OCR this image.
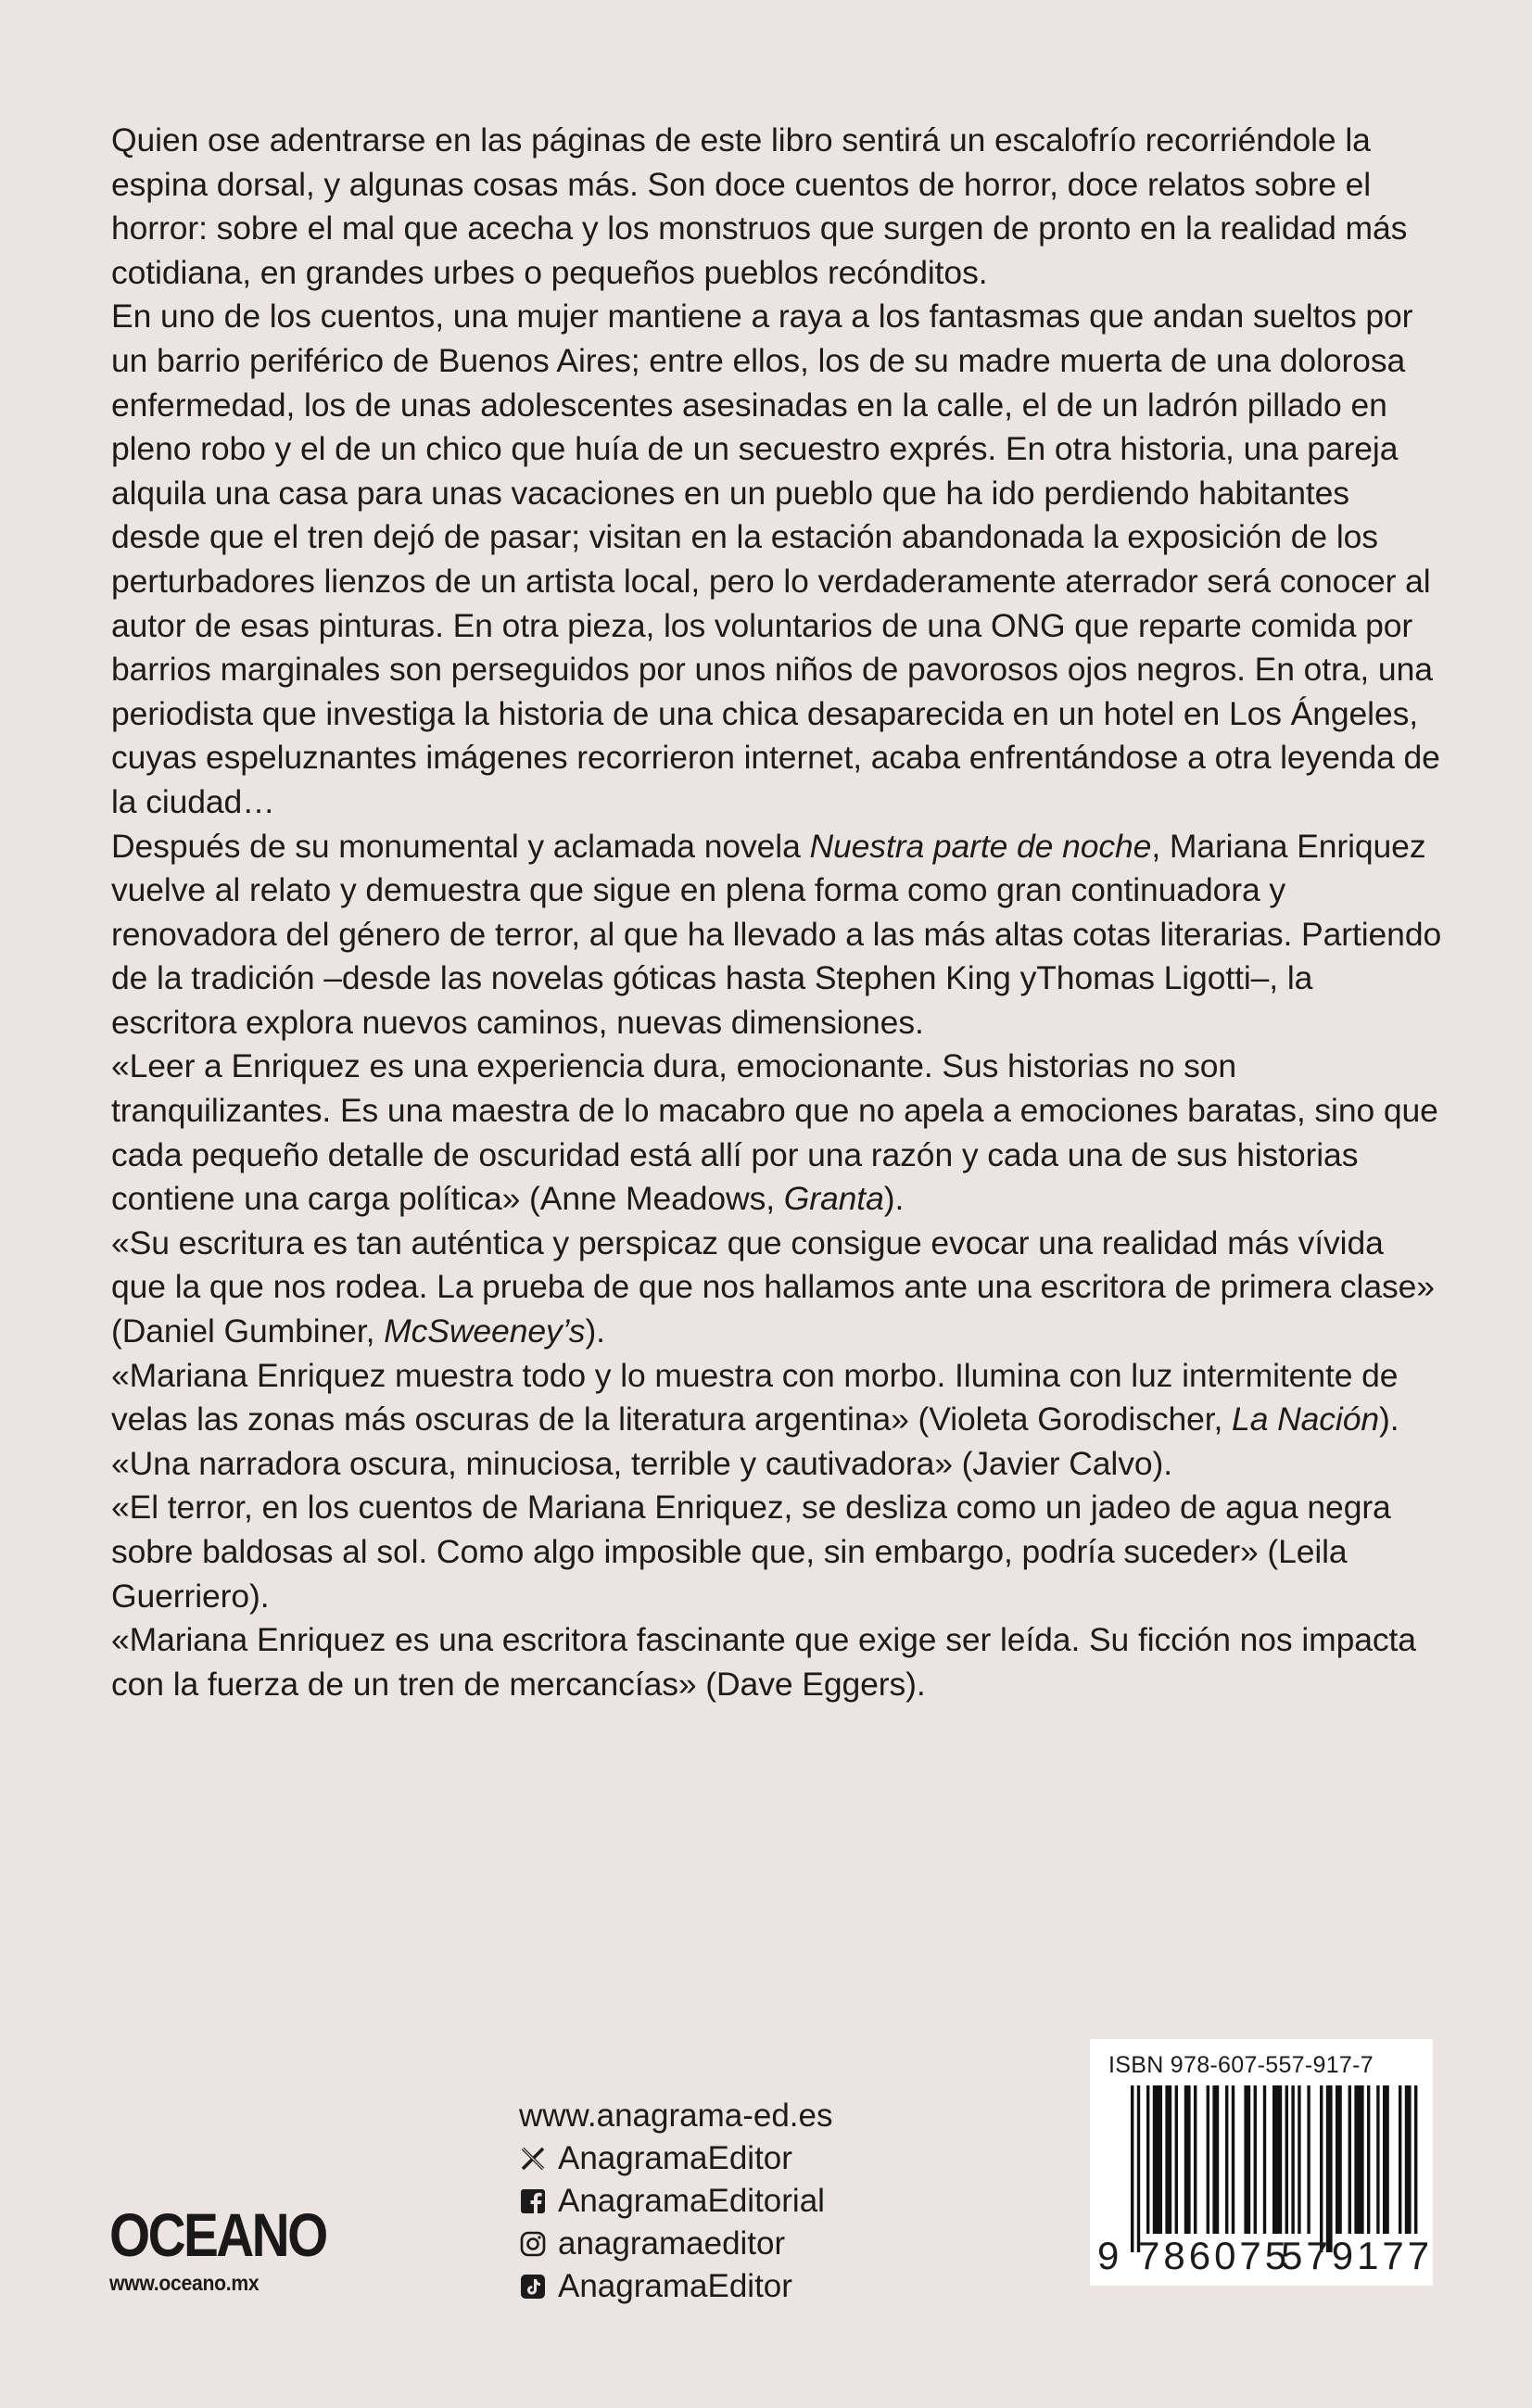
Quien ose adentrarse en las páginas de este libro sentirá un escalofrío recorriéndole la espina dorsal, y algunas cosas más. Son doce cuentos de horror, doce relatos sobre el horror: sobre el mal que acecha y los monstruos que surgen de pronto en la realidad más cotidiana, en grandes urbes o pequeños pueblos recónditos.

En uno de los cuentos, una mujer mantiene a raya a los fantasmas que andan sueltos por un barrio periférico de Buenos Aires; entre ellos, los de su madre muerta de una dolorosa enfermedad, los de unas adolescentes asesinadas en la calle, el de un ladrón pillado en pleno robo y el de un chico que huía de un secuestro exprés. En otra historia, una pareja alquila una casa para unas vacaciones en un pueblo que ha ido perdiendo habitantes desde que el tren dejó de pasar; visitan en la estación abandonada la exposición de los perturbadores lienzos de un artista local, pero lo verdaderamente aterrador será conocer al autor de esas pinturas. En otra pieza, los voluntarios de una ONG que reparte comida por barrios marginales son perseguidos por unos niños de pavorosos ojos negros. En otra, una periodista que investiga la historia de una chica desaparecida en un hotel en Los Ángeles, cuyas espeluznantes imágenes recorrieron internet, acaba enfrentándose a otra leyenda de la ciudad…

Después de su monumental y aclamada novela Nuestra parte de noche, Mariana Enriquez vuelve al relato y demuestra que sigue en plena forma como gran continuadora y renovadora del género de terror, al que ha llevado a las más altas cotas literarias. Partiendo de la tradición –desde las novelas góticas hasta Stephen King yThomas Ligotti–, la escritora explora nuevos caminos, nuevas dimensiones.

«Leer a Enriquez es una experiencia dura, emocionante. Sus historias no son tranquilizantes. Es una maestra de lo macabro que no apela a emociones baratas, sino que cada pequeño detalle de oscuridad está allí por una razón y cada una de sus historias contiene una carga política» (Anne Meadows, Granta).

«Su escritura es tan auténtica y perspicaz que consigue evocar una realidad más vívida que la que nos rodea. La prueba de que nos hallamos ante una escritora de primera clase» (Daniel Gumbiner, McSweeney’s).

«Mariana Enriquez muestra todo y lo muestra con morbo. Ilumina con luz intermitente de velas las zonas más oscuras de la literatura argentina» (Violeta Gorodischer, La Nación).

«Una narradora oscura, minuciosa, terrible y cautivadora» (Javier Calvo).

«El terror, en los cuentos de Mariana Enriquez, se desliza como un jadeo de agua negra sobre baldosas al sol. Como algo imposible que, sin embargo, podría suceder» (Leila Guerriero).

«Mariana Enriquez es una escritora fascinante que exige ser leída. Su ficción nos impacta con la fuerza de un tren de mercancías» (Dave Eggers).

OCEANO
www.oceano.mx
www.anagrama-ed.es
AnagramaEditor
AnagramaEditorial
anagramaeditor
AnagramaEditor
ISBN 978-607-557-917-7
9 786075
579177
